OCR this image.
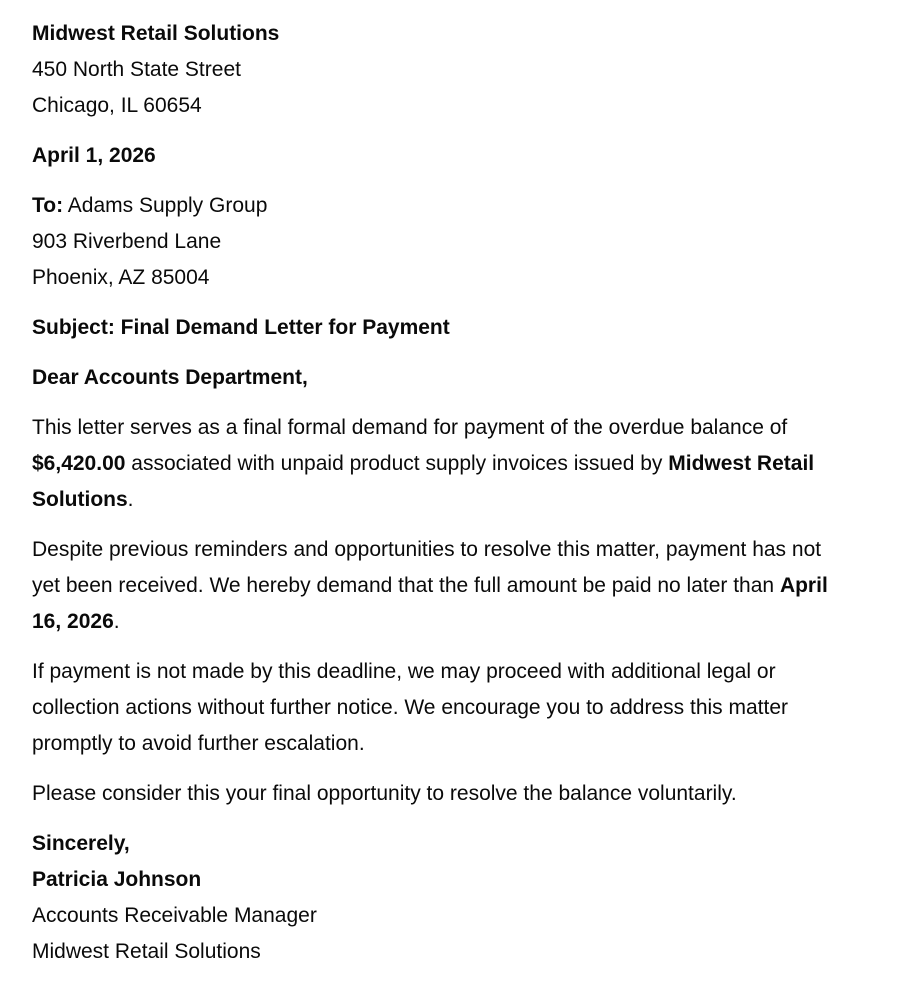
Midwest Retail Solutions
450 North State Street
Chicago, IL 60654
April 1, 2026
To: Adams Supply Group
903 Riverbend Lane
Phoenix, AZ 85004
Subject: Final Demand Letter for Payment
Dear Accounts Department,

This letter serves as a final formal demand for payment of the overdue balance of $6,420.00 associated with unpaid product supply invoices issued by Midwest Retail Solutions.

Despite previous reminders and opportunities to resolve this matter, payment has not yet been received. We hereby demand that the full amount be paid no later than April 16, 2026.

If payment is not made by this deadline, we may proceed with additional legal or collection actions without further notice. We encourage you to address this matter promptly to avoid further escalation.

Please consider this your final opportunity to resolve the balance voluntarily.

Sincerely,
Patricia Johnson
Accounts Receivable Manager
Midwest Retail Solutions
